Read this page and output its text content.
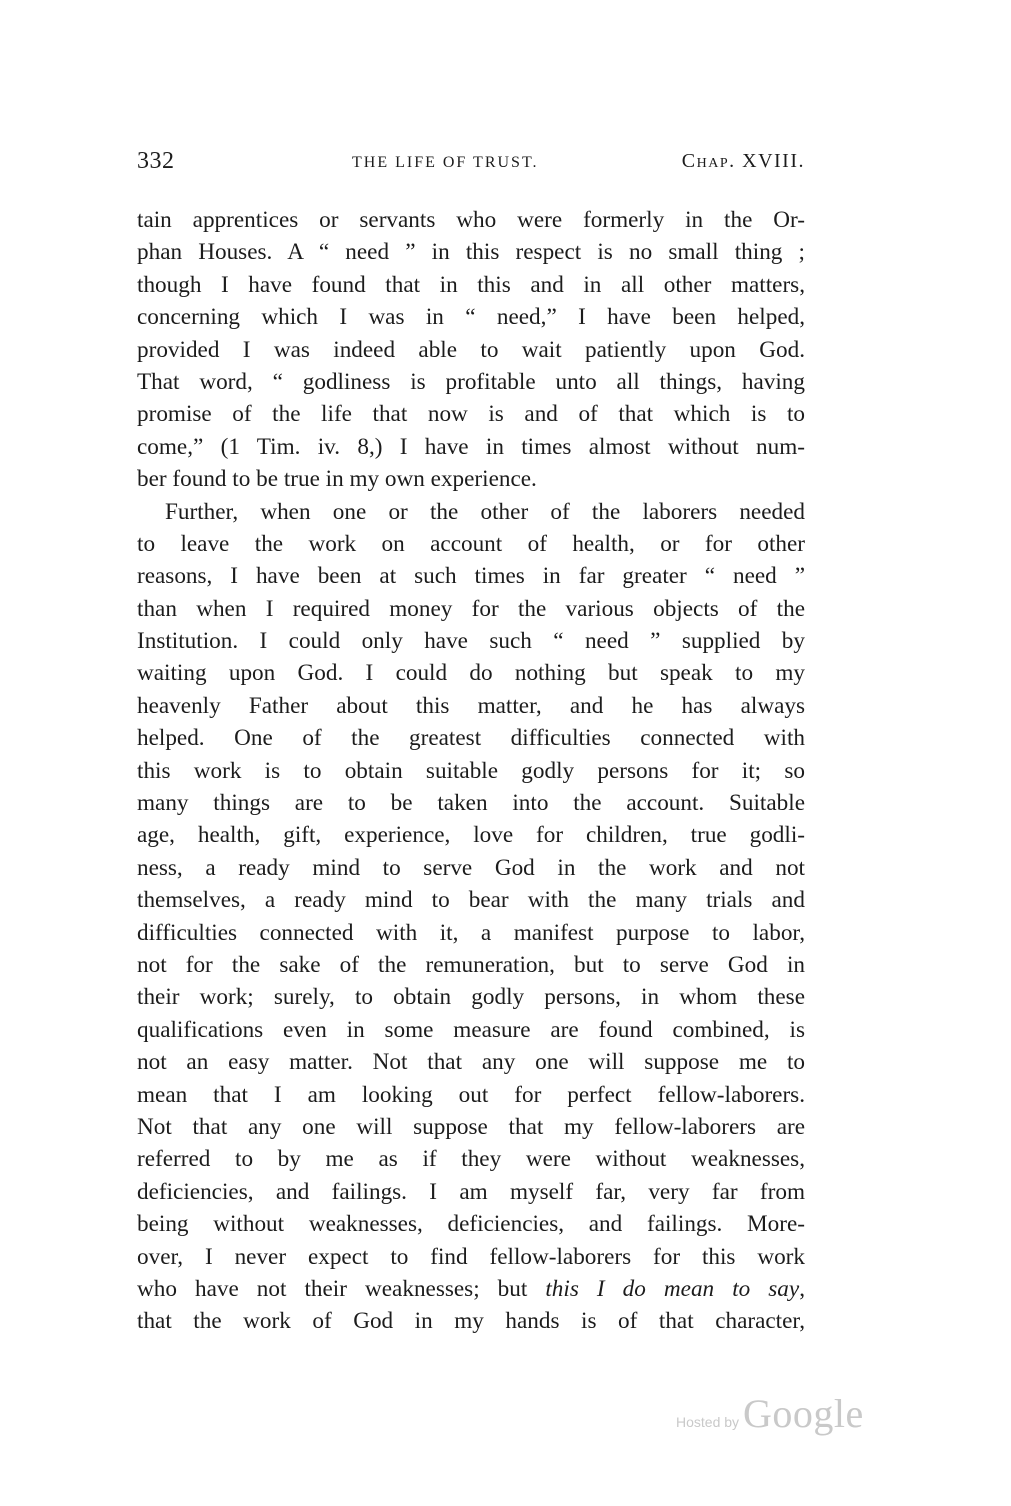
332	THE LIFE OF TRUST.	Chap. XVIII.
tain apprentices or servants who were formerly in the Or-
phan Houses. A “ need ” in this respect is no small thing ;
though I have found that in this and in all other matters,
concerning which I was in “ need,” I have been helped,
provided I was indeed able to wait patiently upon God.
That word, “ godliness is profitable unto all things, having
promise of the life that now is and of that which is to
come,” (1 Tim. iv. 8,) I have in times almost without num-
ber found to be true in my own experience.
Further, when one or the other of the laborers needed
to leave the work on account of health, or for other
reasons, I have been at such times in far greater “ need ”
than when I required money for the various objects of the
Institution. I could only have such “ need ” supplied by
waiting upon God. I could do nothing but speak to my
heavenly Father about this matter, and he has always
helped. One of the greatest difficulties connected with
this work is to obtain suitable godly persons for it; so
many things are to be taken into the account. Suitable
age, health, gift, experience, love for children, true godli-
ness, a ready mind to serve God in the work and not
themselves, a ready mind to bear with the many trials and
difficulties connected with it, a manifest purpose to labor,
not for the sake of the remuneration, but to serve God in
their work; surely, to obtain godly persons, in whom these
qualifications even in some measure are found combined, is
not an easy matter. Not that any one will suppose me to
mean that I am looking out for perfect fellow-laborers.
Not that any one will suppose that my fellow-laborers are
referred to by me as if they were without weaknesses,
deficiencies, and failings. I am myself far, very far from
being without weaknesses, deficiencies, and failings. More-
over, I never expect to find fellow-laborers for this work
who have not their weaknesses; but this I do mean to say,
that the work of God in my hands is of that character,
Hosted by Google
